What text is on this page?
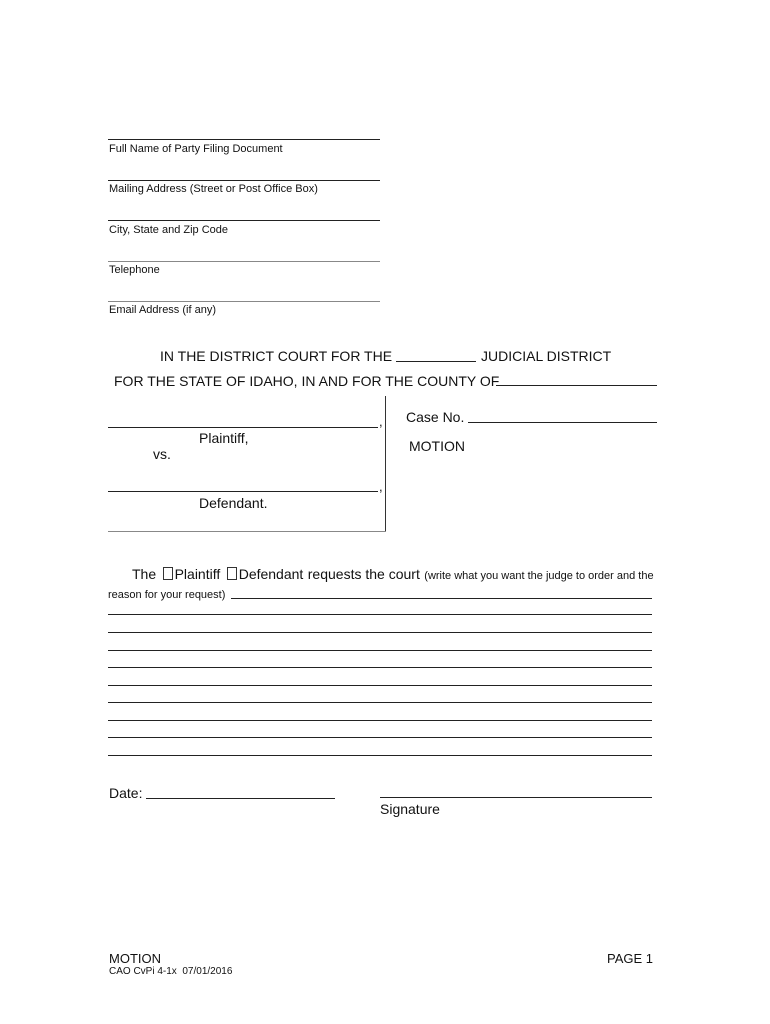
Full Name of Party Filing Document
Mailing Address (Street or Post Office Box)
City, State and Zip Code
Telephone
Email Address (if any)
IN THE DISTRICT COURT FOR THE	JUDICIAL DISTRICT
FOR THE STATE OF IDAHO, IN AND FOR THE COUNTY OF
,
Plaintiff,
vs.
,
Defendant.
Case No.
MOTION
The Plaintiff Defendant requests the court (write what you want the judge to order and the
reason for your request)
Date:
Signature
MOTION
CAO CvPi 4-1x  07/01/2016
PAGE 1
